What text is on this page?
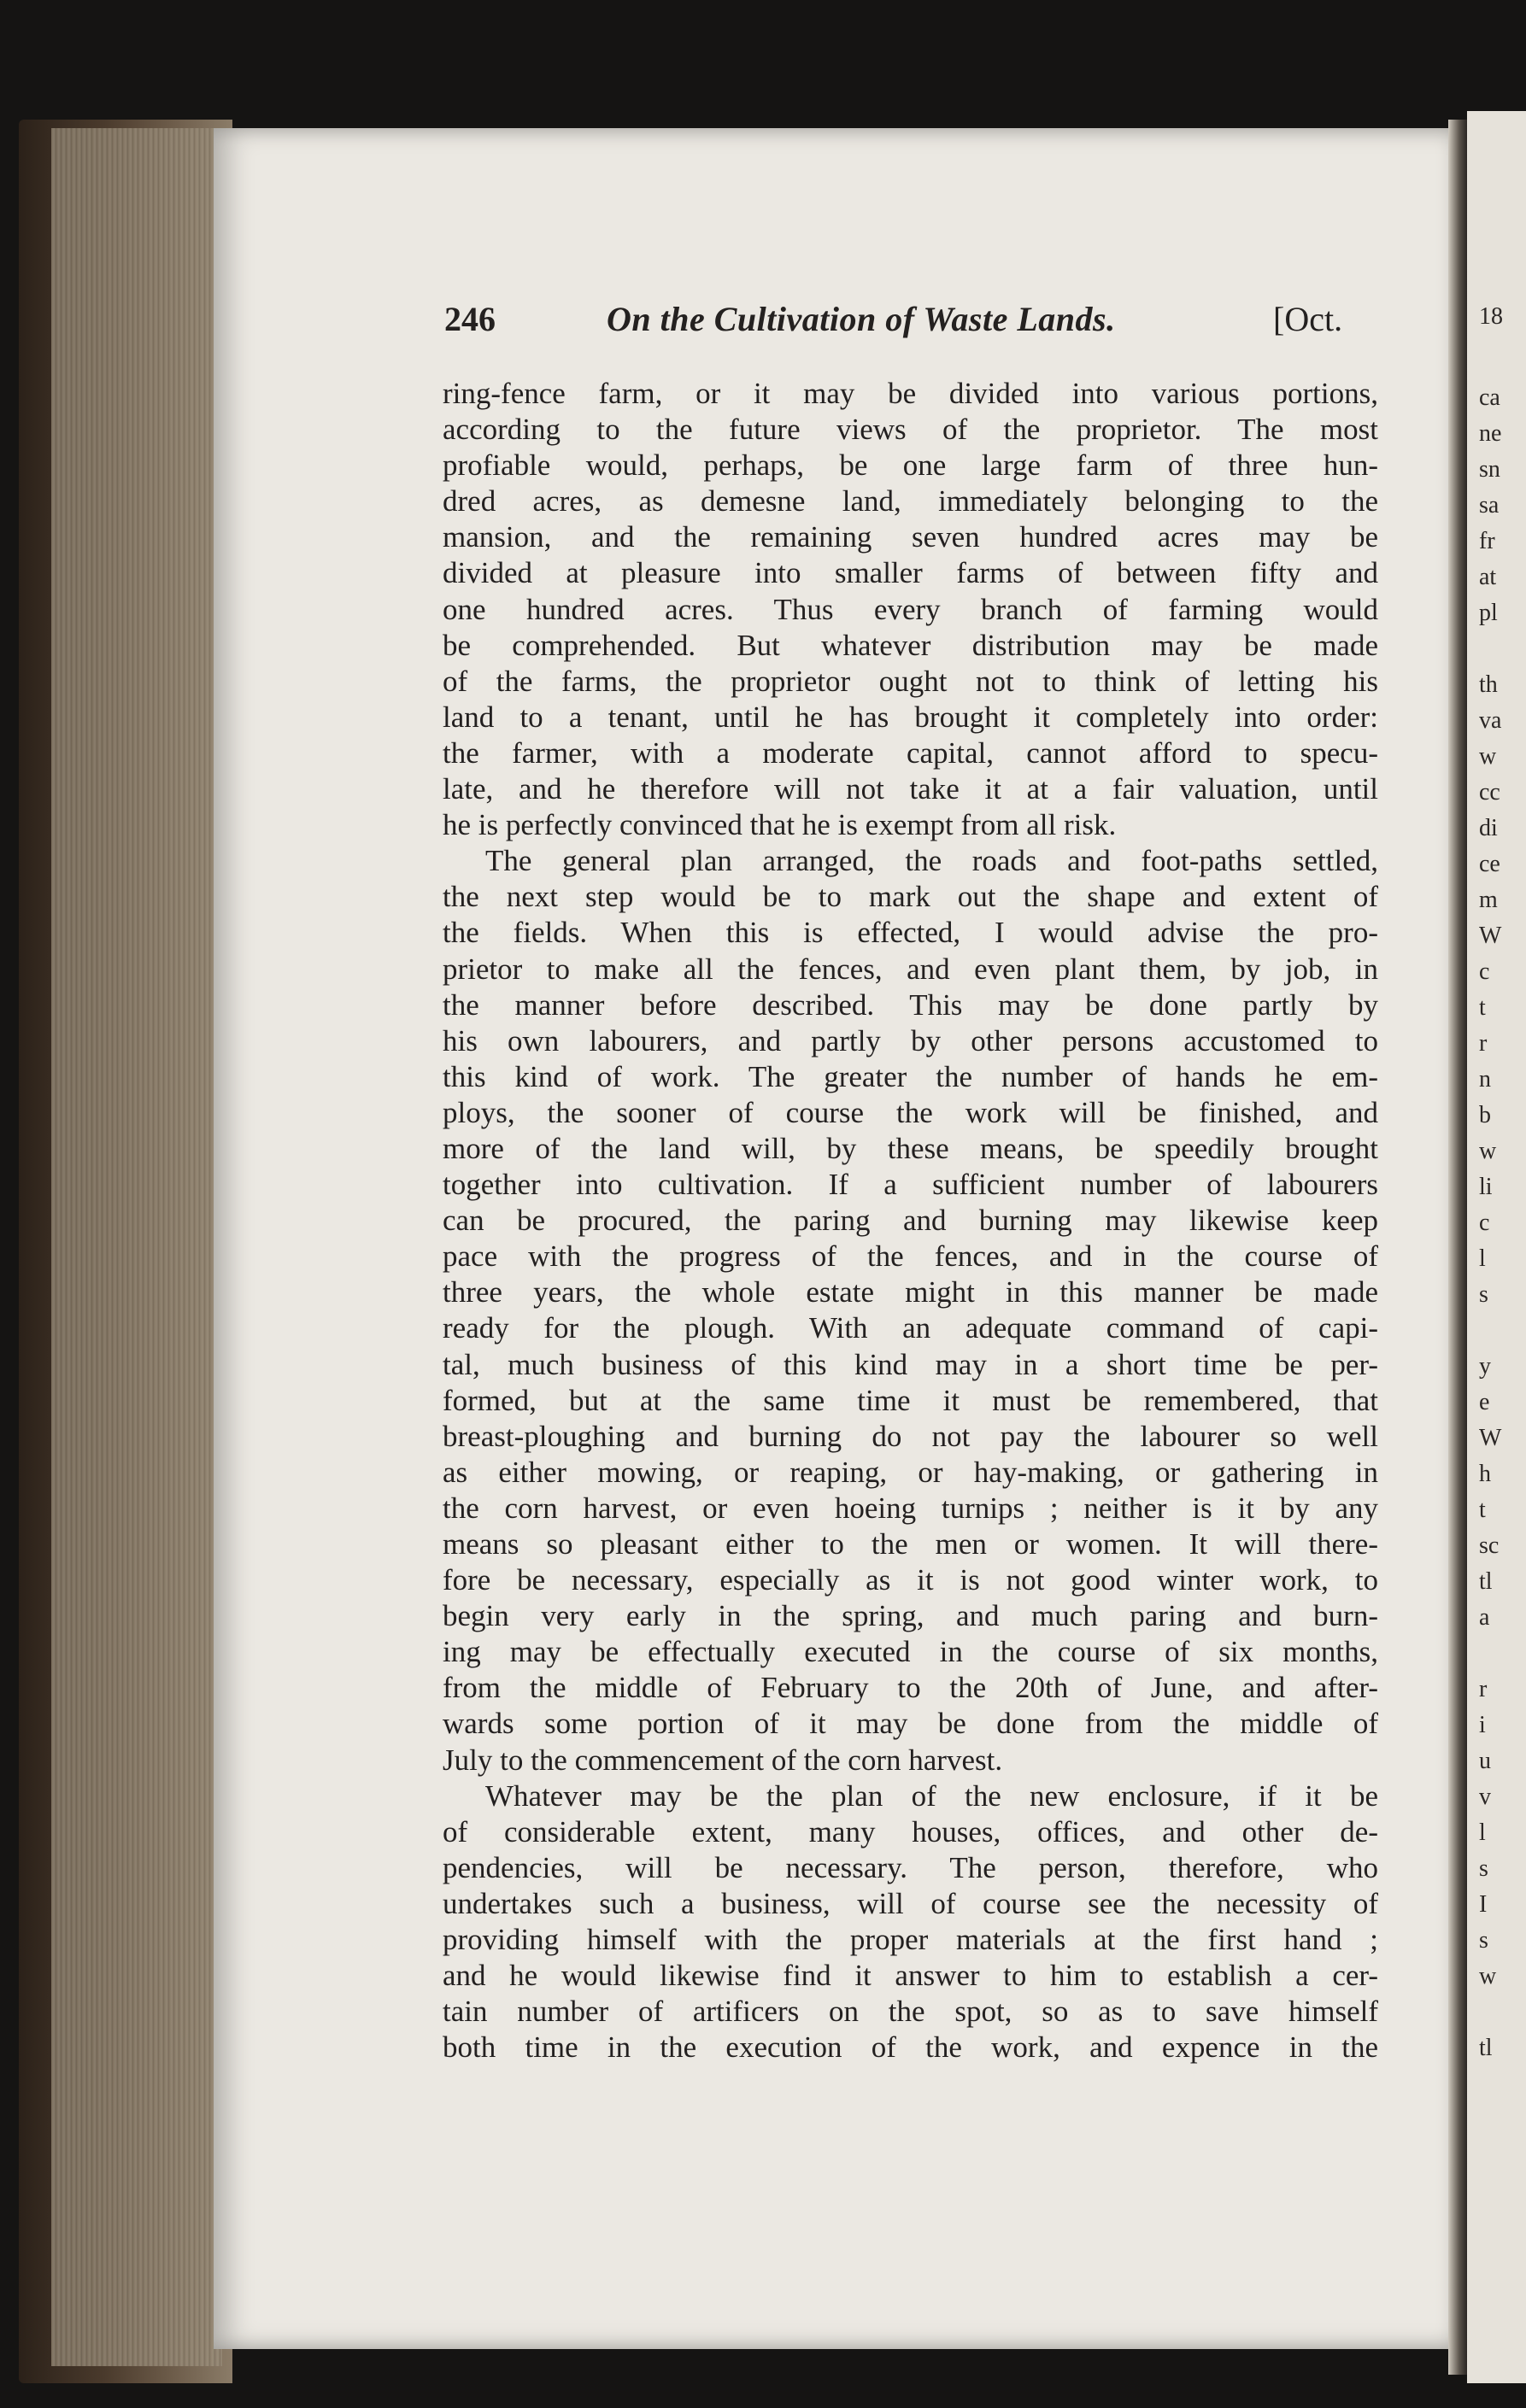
246	On the Cultivation of Waste Lands.	[Oct.
ring-fence farm, or it may be divided into various portions,
according to the future views of the proprietor. The most
profiable would, perhaps, be one large farm of three hun-
dred acres, as demesne land, immediately belonging to the
mansion, and the remaining seven hundred acres may be
divided at pleasure into smaller farms of between fifty and
one hundred acres. Thus every branch of farming would
be comprehended. But whatever distribution may be made
of the farms, the proprietor ought not to think of letting his
land to a tenant, until he has brought it completely into order:
the farmer, with a moderate capital, cannot afford to specu-
late, and he therefore will not take it at a fair valuation, until
he is perfectly convinced that he is exempt from all risk.
The general plan arranged, the roads and foot-paths settled,
the next step would be to mark out the shape and extent of
the fields. When this is effected, I would advise the pro-
prietor to make all the fences, and even plant them, by job, in
the manner before described. This may be done partly by
his own labourers, and partly by other persons accustomed to
this kind of work. The greater the number of hands he em-
ploys, the sooner of course the work will be finished, and
more of the land will, by these means, be speedily brought
together into cultivation. If a sufficient number of labourers
can be procured, the paring and burning may likewise keep
pace with the progress of the fences, and in the course of
three years, the whole estate might in this manner be made
ready for the plough. With an adequate command of capi-
tal, much business of this kind may in a short time be per-
formed, but at the same time it must be remembered, that
breast-ploughing and burning do not pay the labourer so well
as either mowing, or reaping, or hay-making, or gathering in
the corn harvest, or even hoeing turnips ; neither is it by any
means so pleasant either to the men or women. It will there-
fore be necessary, especially as it is not good winter work, to
begin very early in the spring, and much paring and burn-
ing may be effectually executed in the course of six months,
from the middle of February to the 20th of June, and after-
wards some portion of it may be done from the middle of
July to the commencement of the corn harvest.
Whatever may be the plan of the new enclosure, if it be
of considerable extent, many houses, offices, and other de-
pendencies, will be necessary. The person, therefore, who
undertakes such a business, will of course see the necessity of
providing himself with the proper materials at the first hand ;
and he would likewise find it answer to him to establish a cer-
tain number of artificers on the spot, so as to save himself
both time in the execution of the work, and expence in the
18
ca
ne
sn
sa
fr
at
pl
th
va
w
cc
di
ce
m
W
c
t
r
n
b
w
li
c
l
s
y
e
W
h
t
sc
tl
a
r
i
u
v
l
s
I
s
w
tl
